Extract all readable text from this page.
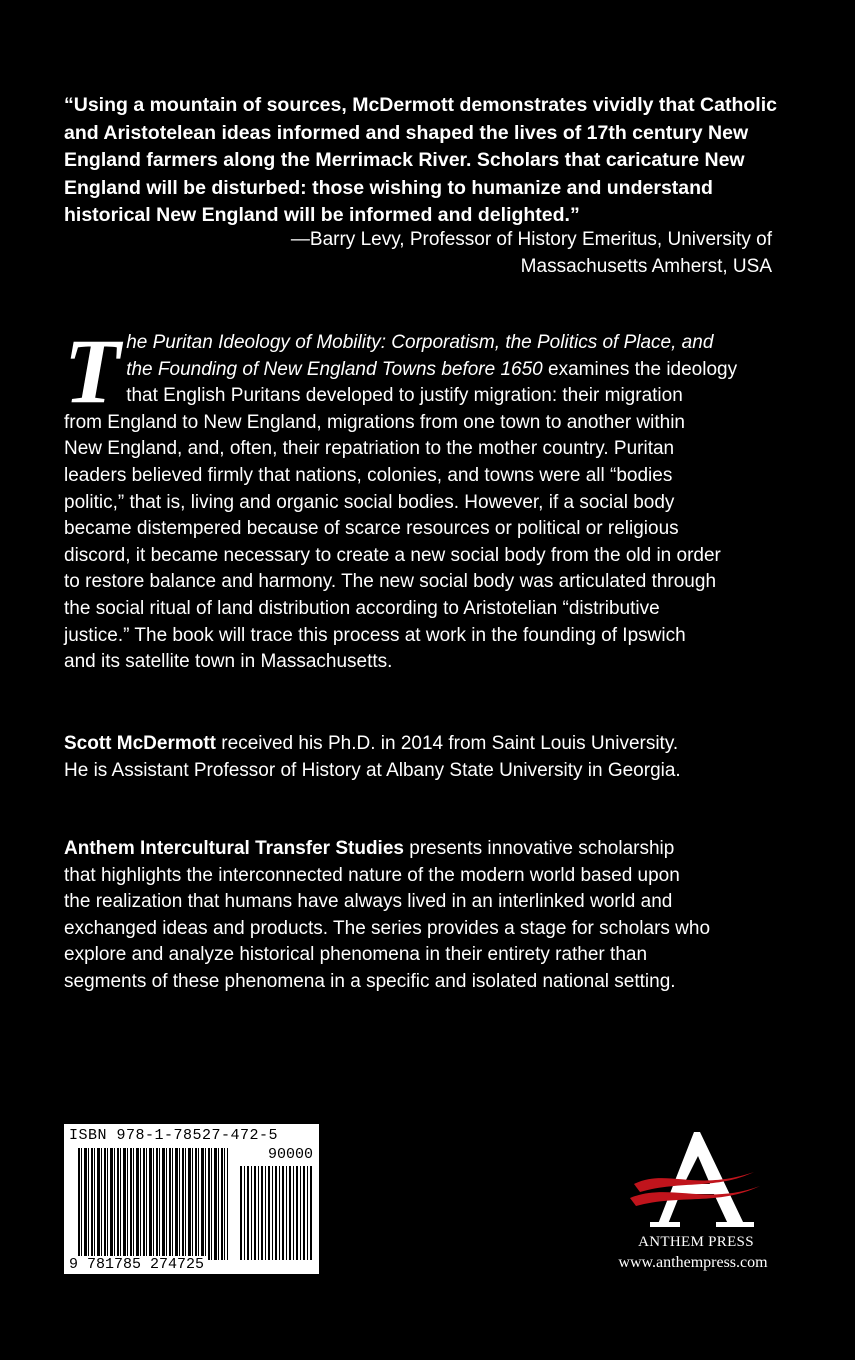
“Using a mountain of sources, McDermott demonstrates vividly that Catholic and Aristotelean ideas informed and shaped the lives of 17th century New England farmers along the Merrimack River. Scholars that caricature New England will be disturbed: those wishing to humanize and understand historical New England will be informed and delighted.”
—Barry Levy, Professor of History Emeritus, University of
Massachusetts Amherst, USA
T he Puritan Ideology of Mobility: Corporatism, the Politics of Place, and
the Founding of New England Towns before 1650 examines the ideology
that English Puritans developed to justify migration: their migration
from England to New England, migrations from one town to another within
New England, and, often, their repatriation to the mother country. Puritan
leaders believed firmly that nations, colonies, and towns were all “bodies
politic,” that is, living and organic social bodies. However, if a social body
became distempered because of scarce resources or political or religious
discord, it became necessary to create a new social body from the old in order
to restore balance and harmony. The new social body was articulated through
the social ritual of land distribution according to Aristotelian “distributive
justice.” The book will trace this process at work in the founding of Ipswich
and its satellite town in Massachusetts.
Scott McDermott received his Ph.D. in 2014 from Saint Louis University.
He is Assistant Professor of History at Albany State University in Georgia.
Anthem Intercultural Transfer Studies presents innovative scholarship
that highlights the interconnected nature of the modern world based upon
the realization that humans have always lived in an interlinked world and
exchanged ideas and products. The series provides a stage for scholars who
explore and analyze historical phenomena in their entirety rather than
segments of these phenomena in a specific and isolated national setting.
ISBN 978-1-78527-472-5
90000
9 781785 274725
ANTHEM PRESS
www.anthempress.com
